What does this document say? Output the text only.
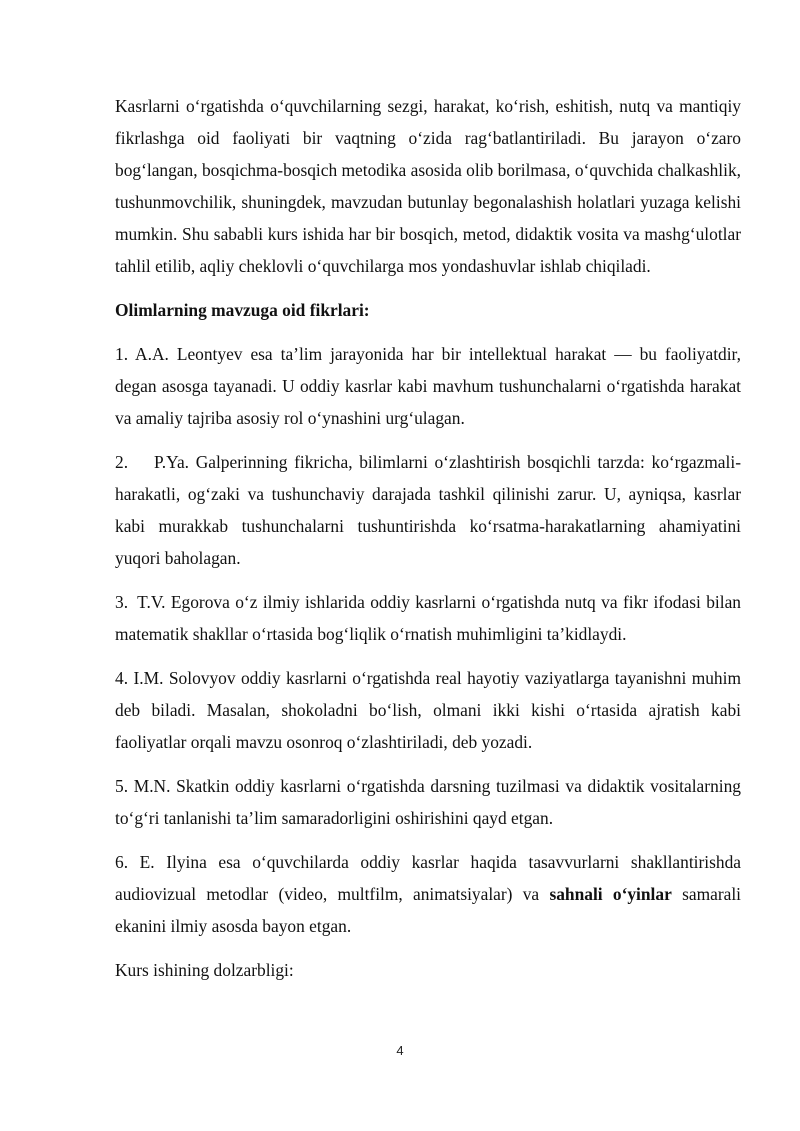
Kasrlarni o‘rgatishda o‘quvchilarning sezgi, harakat, ko‘rish, eshitish, nutq va mantiqiy fikrlashga oid faoliyati bir vaqtning o‘zida rag‘batlantiriladi. Bu jarayon o‘zaro bog‘langan, bosqichma-bosqich metodika asosida olib borilmasa, o‘quvchida chalkashlik, tushunmovchilik, shuningdek, mavzudan butunlay begonalashish holatlari yuzaga kelishi mumkin. Shu sababli kurs ishida har bir bosqich, metod, didaktik vosita va mashg‘ulotlar tahlil etilib, aqliy cheklovli o‘quvchilarga mos yondashuvlar ishlab chiqiladi.

Olimlarning mavzuga oid fikrlari:

1. A.A. Leontyev esa ta’lim jarayonida har bir intellektual harakat — bu faoliyatdir, degan asosga tayanadi. U oddiy kasrlar kabi mavhum tushunchalarni o‘rgatishda harakat va amaliy tajriba asosiy rol o‘ynashini urg‘ulagan.

2. P.Ya. Galperinning fikricha, bilimlarni o‘zlashtirish bosqichli tarzda: ko‘rgazmali-harakatli, og‘zaki va tushunchaviy darajada tashkil qilinishi zarur. U, ayniqsa, kasrlar kabi murakkab tushunchalarni tushuntirishda ko‘rsatma-harakatlarning ahamiyatini yuqori baholagan.

3. T.V. Egorova o‘z ilmiy ishlarida oddiy kasrlarni o‘rgatishda nutq va fikr ifodasi bilan matematik shakllar o‘rtasida bog‘liqlik o‘rnatish muhimligini ta’kidlaydi.

4. I.M. Solovyov oddiy kasrlarni o‘rgatishda real hayotiy vaziyatlarga tayanishni muhim deb biladi. Masalan, shokoladni bo‘lish, olmani ikki kishi o‘rtasida ajratish kabi faoliyatlar orqali mavzu osonroq o‘zlashtiriladi, deb yozadi.

5. M.N. Skatkin oddiy kasrlarni o‘rgatishda darsning tuzilmasi va didaktik vositalarning to‘g‘ri tanlanishi ta’lim samaradorligini oshirishini qayd etgan.

6. E. Ilyina esa o‘quvchilarda oddiy kasrlar haqida tasavvurlarni shakllantirishda audiovizual metodlar (video, multfilm, animatsiyalar) va sahnali o‘yinlar samarali ekanini ilmiy asosda bayon etgan.

Kurs ishining dolzarbligi:

4
